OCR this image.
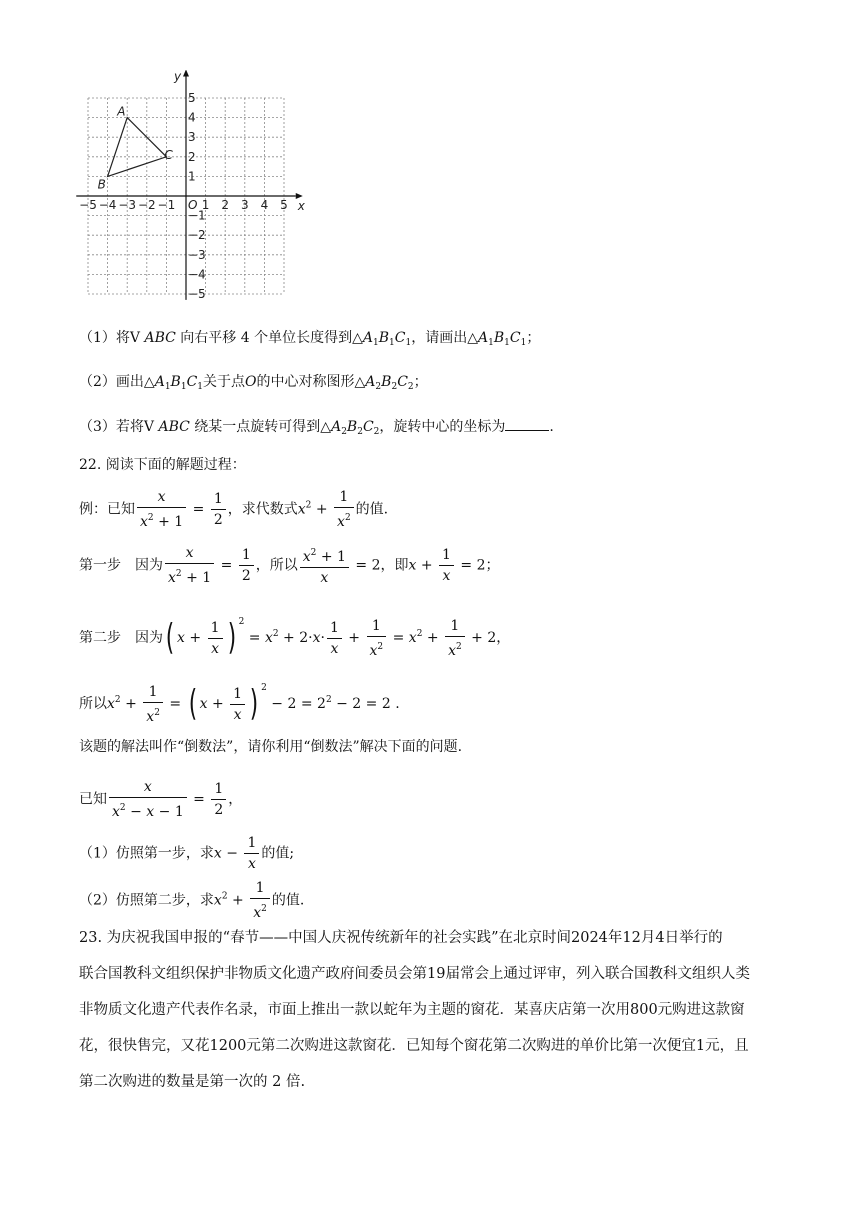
−5 −4 −3 −2 −1 1 2 3 4 5
5
4
3
2
1
−1
−2
−3
−4
−5
A
B
C
y
x
O
（1）将V ABC 向右平移 4 个单位长度得到$\triangle A_1B_1C_1$，请画出$\triangle A_1B_1C_1$；
（2）画出$\triangle A_1B_1C_1$关于点O的中心对称图形$\triangle A_2B_2C_2$；
（3）若将V ABC 绕某一点旋转可得到$\triangle A_2B_2C_2$，旋转中心的坐标为	.
22. 阅读下面的解题过程：
例：已知 $\frac{x}{x^2 + 1} = \frac{1}{2}$ ，求代数式$x^2 + \frac{1}{x^2}$ 的值.
第一步　因为 $\frac{x}{x^2 + 1} = \frac{1}{2}$ ，所以 $\frac{x^2 + 1}{x} = 2$，即$x + \frac{1}{x} = 2$；
第二步　因为( $x + \frac{1}{x}$ ) $^2 = x^2 + 2\cdot x\cdot \frac{1}{x} + \frac{1}{x^2} = x^2 + \frac{1}{x^2} + 2$，
所以$x^2 + \frac{1}{x^2}$ = ( $x + \frac{1}{x}$ ) $^2 - 2 = 2^2 - 2 = 2$ .
该题的解法叫作“倒数法”，请你利用“倒数法”解决下面的问题.
已知 $\frac{x}{x^2 - x - 1} = \frac{1}{2}$ ，
（1）仿照第一步，求$x - \frac{1}{x}$ 的值;
（2）仿照第二步，求$x^2 + \frac{1}{x^2}$ 的值.
23. 为庆祝我国申报的“春节——中国人庆祝传统新年的社会实践”在北京时间2024年12月4日举行的
联合国教科文组织保护非物质文化遗产政府间委员会第19届常会上通过评审，列入联合国教科文组织人类
非物质文化遗产代表作名录，市面上推出一款以蛇年为主题的窗花．某喜庆店第一次用800元购进这款窗
花，很快售完，又花1200元第二次购进这款窗花．已知每个窗花第二次购进的单价比第一次便宜1元，且
第二次购进的数量是第一次的 2 倍.
